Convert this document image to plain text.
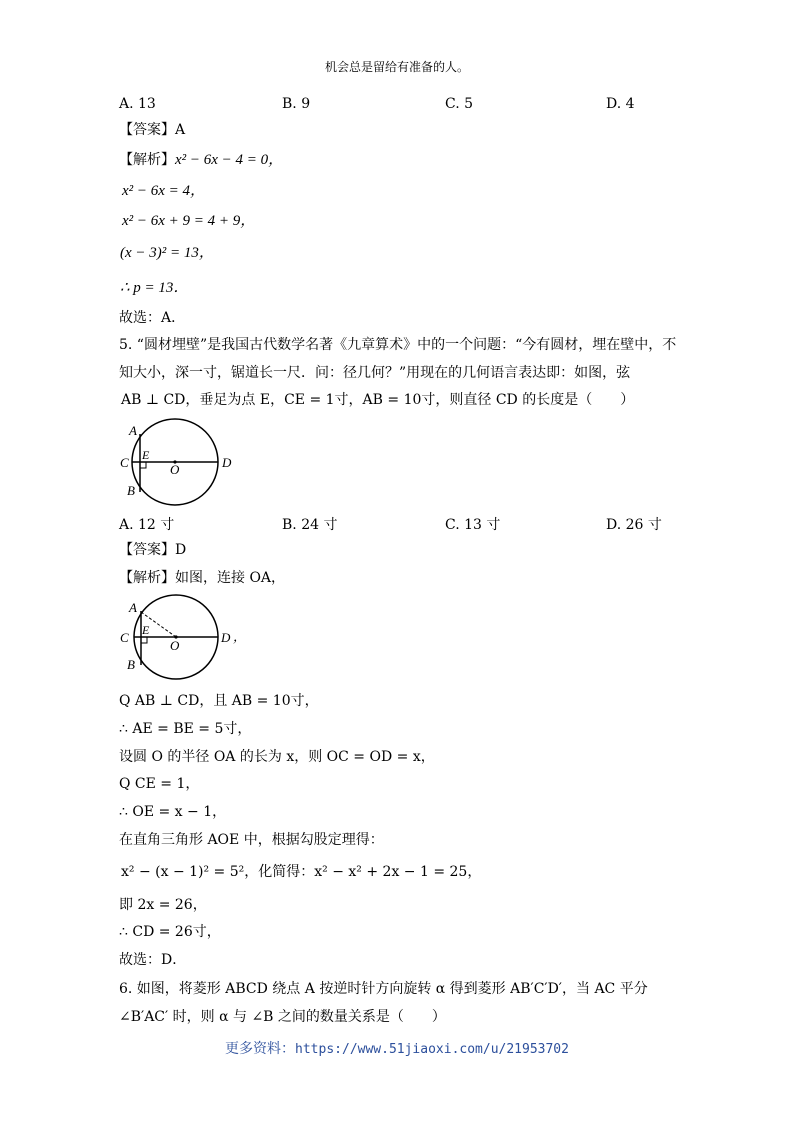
机会总是留给有准备的人。
A. 13	B. 9	C. 5	D. 4
【答案】A
【解析】x² − 6x − 4 = 0，
x² − 6x = 4，
x² − 6x + 9 = 4 + 9，
(x − 3)² = 13，
∴ p = 13．
故选：A．
5. “圆材埋壁”是我国古代数学名著《九章算术》中的一个问题：“今有圆材，埋在壁中，不
知大小，深一寸，锯道长一尺．问：径几何？”用现在的几何语言表达即：如图，弦
AB ⊥ CD，垂足为点 E，CE = 1寸，AB = 10寸，则直径 CD 的长度是（　　）
A
C E
O	D
B
A. 12 寸	B. 24 寸	C. 13 寸	D. 26 寸
【答案】D
【解析】如图，连接 OA，
A
C E
O
D
B
，
Q AB ⊥ CD，且 AB = 10寸，
∴ AE = BE = 5寸，
设圆 O 的半径 OA 的长为 x，则 OC = OD = x，
Q CE = 1，
∴ OE = x − 1，
在直角三角形 AOE 中，根据勾股定理得：
x² − (x − 1)² = 5²，化简得：x² − x² + 2x − 1 = 25，
即 2x = 26，
∴ CD = 26寸，
故选：D．
6. 如图，将菱形 ABCD 绕点 A 按逆时针方向旋转 α 得到菱形 AB′C′D′，当 AC 平分
∠B′AC′ 时，则 α 与 ∠B 之间的数量关系是（　　）
更多资料：https://www.51jiaoxi.com/u/21953702
